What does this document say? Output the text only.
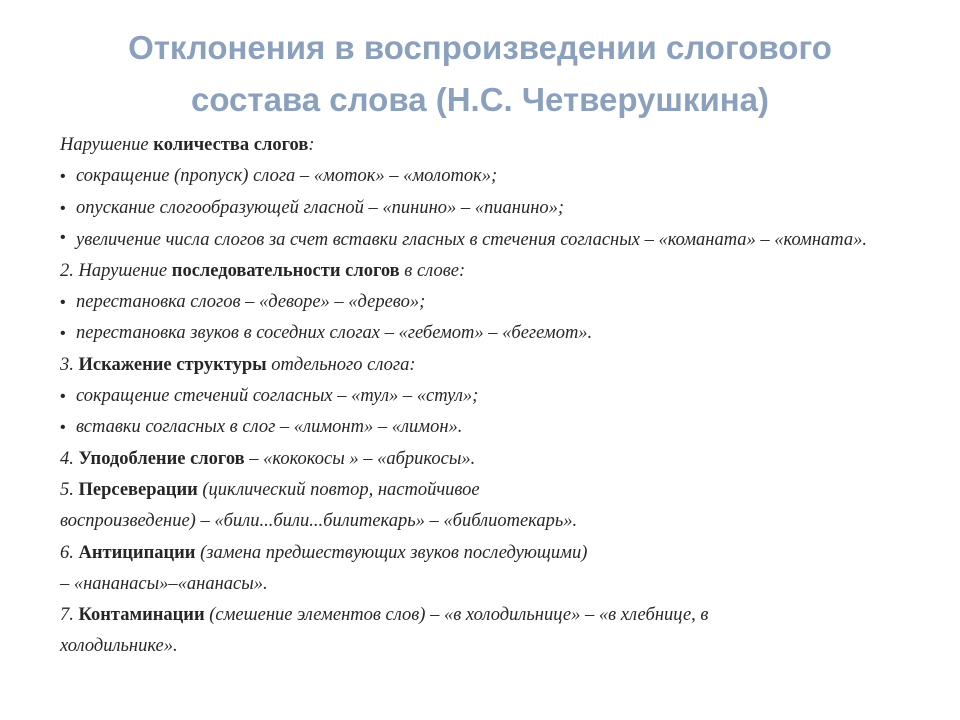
Отклонения в воспроизведении слогового
состава слова (Н.С. Четверушкина)

Нарушение количества слогов:

• сокращение (пропуск) слога – «моток» – «молоток»;

• опускание слогообразующей гласной – «пинино» – «пианино»;

• увеличение числа слогов за счет вставки гласных в стечения согласных – «команата» – «комната».

2. Нарушение последовательности слогов в слове:

• перестановка слогов – «деворе» – «дерево»;

• перестановка звуков в соседних слогах – «гебемот» – «бегемот».

3. Искажение структуры отдельного слога:

• сокращение стечений согласных – «тул» – «стул»;

• вставки согласных в слог – «лимонт» – «лимон».

4. Уподобление слогов – «кококосы » – «абрикосы».

5. Персеверации (циклический повтор, настойчивое

воспроизведение) – «били...били...билитекарь» – «библиотекарь».

6. Антиципации (замена предшествующих звуков последующими)

– «нананасы»–«ананасы».

7. Контаминации (смешение элементов слов) – «в холодильнице» – «в хлебнице, в

холодильнике».
